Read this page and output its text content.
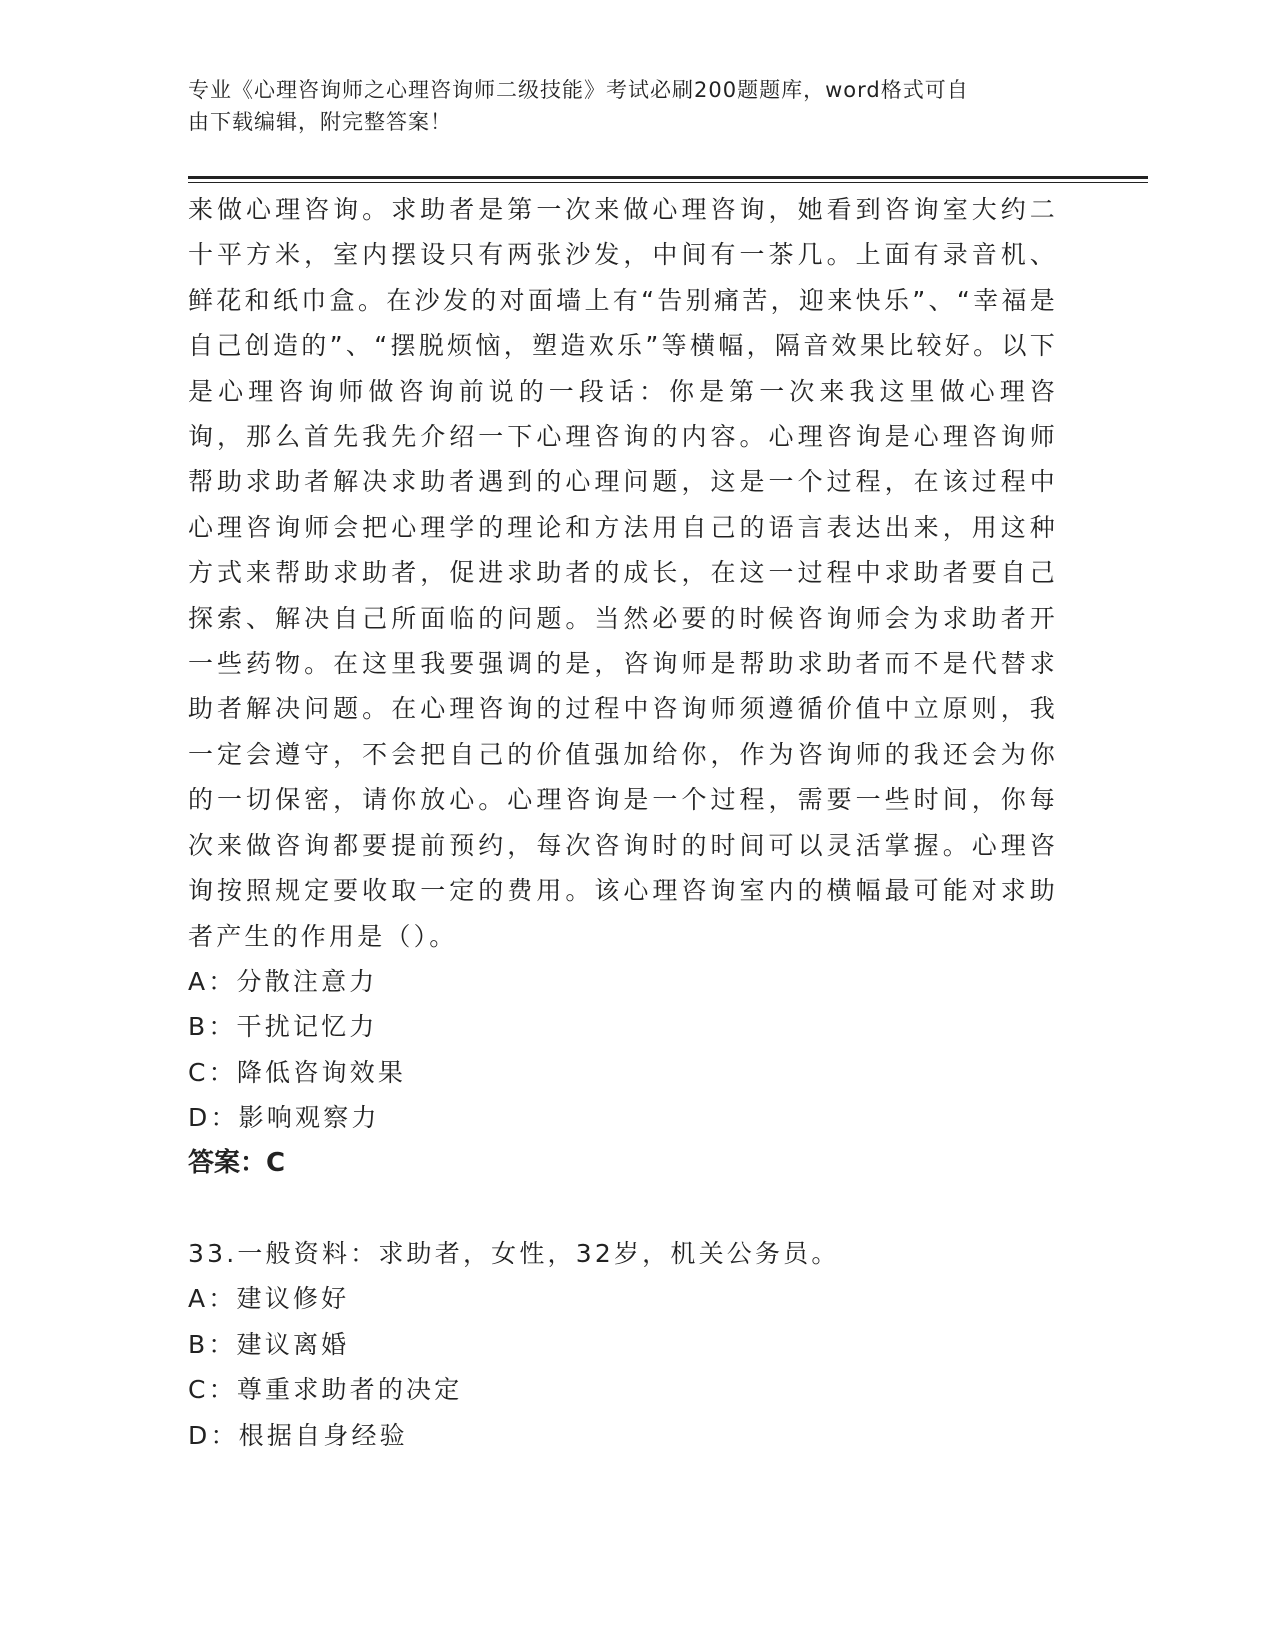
专业《心理咨询师之心理咨询师二级技能》考试必刷200题题库，word格式可自
由下载编辑，附完整答案！

来做心理咨询。求助者是第一次来做心理咨询，她看到咨询室大约二十平方米，室内摆设只有两张沙发，中间有一茶几。上面有录音机、鲜花和纸巾盒。在沙发的对面墙上有“告别痛苦，迎来快乐”、“幸福是自己创造的”、“摆脱烦恼，塑造欢乐”等横幅，隔音效果比较好。以下是心理咨询师做咨询前说的一段话：你是第一次来我这里做心理咨询，那么首先我先介绍一下心理咨询的内容。心理咨询是心理咨询师帮助求助者解决求助者遇到的心理问题，这是一个过程，在该过程中心理咨询师会把心理学的理论和方法用自己的语言表达出来，用这种方式来帮助求助者，促进求助者的成长，在这一过程中求助者要自己探索、解决自己所面临的问题。当然必要的时候咨询师会为求助者开一些药物。在这里我要强调的是，咨询师是帮助求助者而不是代替求助者解决问题。在心理咨询的过程中咨询师须遵循价值中立原则，我一定会遵守，不会把自己的价值强加给你，作为咨询师的我还会为你的一切保密，请你放心。心理咨询是一个过程，需要一些时间，你每次来做咨询都要提前预约，每次咨询时的时间可以灵活掌握。心理咨询按照规定要收取一定的费用。该心理咨询室内的横幅最可能对求助者产生的作用是（）。

A：分散注意力

B：干扰记忆力

C：降低咨询效果

D：影响观察力

答案：C

33.一般资料：求助者，女性，32岁，机关公务员。

A：建议修好

B：建议离婚

C：尊重求助者的决定

D：根据自身经验
